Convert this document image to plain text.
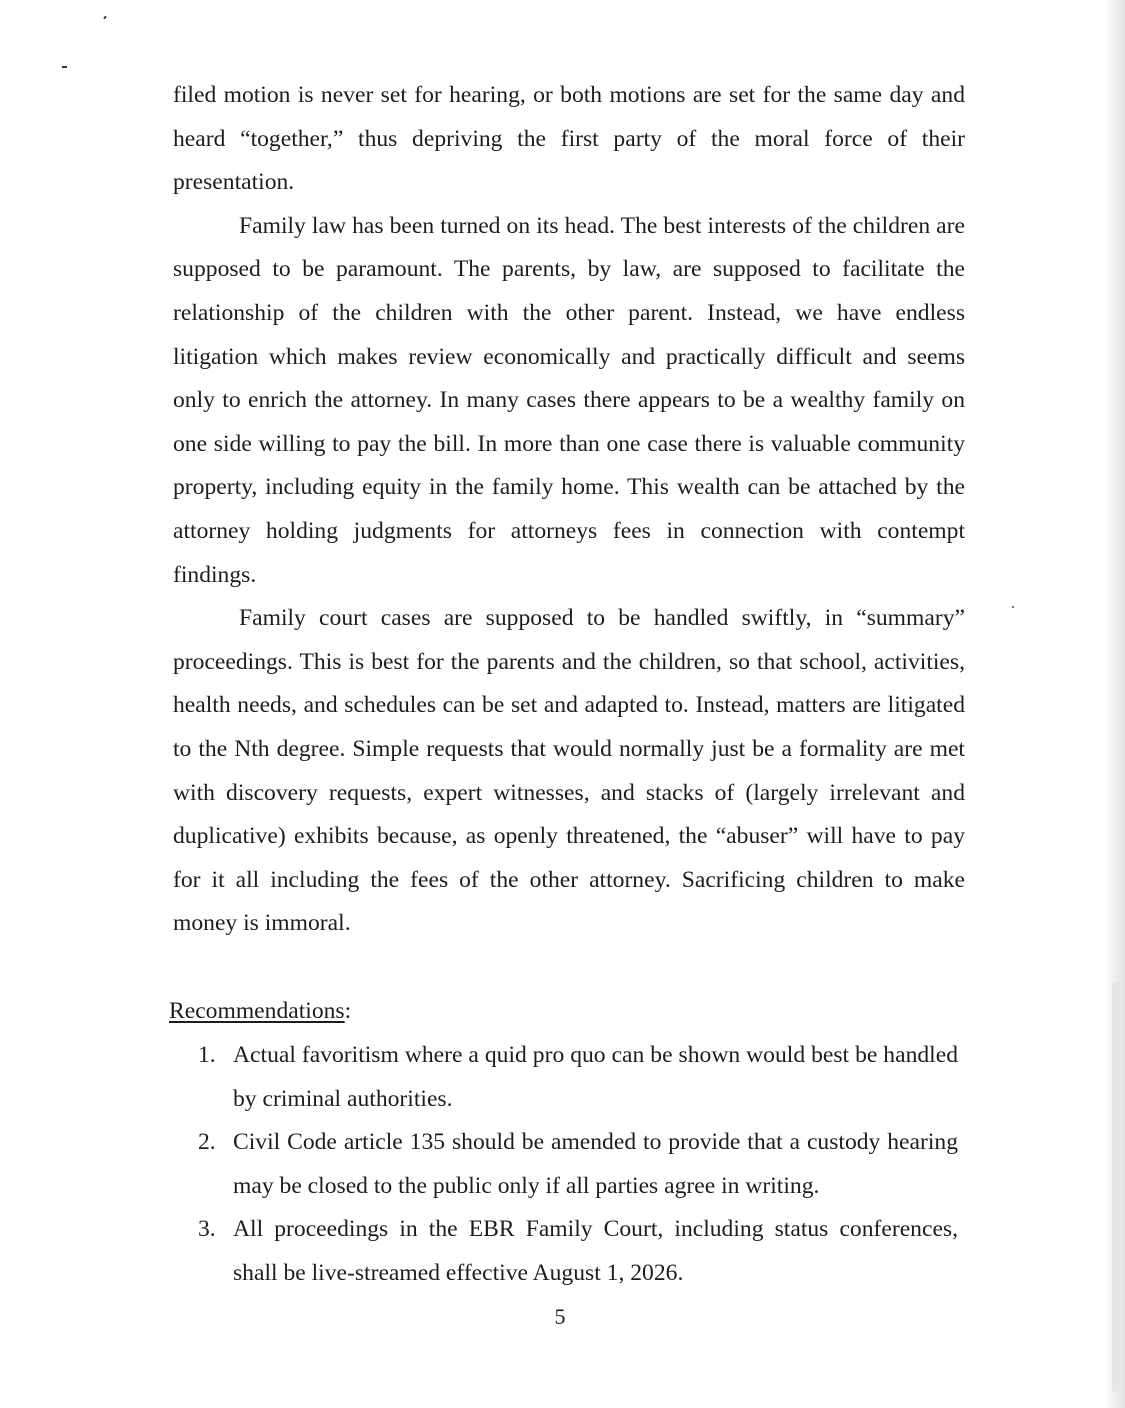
filed motion is never set for hearing, or both motions are set for the same day and heard “together,” thus depriving the first party of the moral force of their presentation.

Family law has been turned on its head. The best interests of the children are supposed to be paramount. The parents, by law, are supposed to facilitate the relationship of the children with the other parent. Instead, we have endless litigation which makes review economically and practically difficult and seems only to enrich the attorney. In many cases there appears to be a wealthy family on one side willing to pay the bill. In more than one case there is valuable community property, including equity in the family home. This wealth can be attached by the attorney holding judgments for attorneys fees in connection with contempt findings.

Family court cases are supposed to be handled swiftly, in “summary” proceedings. This is best for the parents and the children, so that school, activities, health needs, and schedules can be set and adapted to. Instead, matters are litigated to the Nth degree. Simple requests that would normally just be a formality are met with discovery requests, expert witnesses, and stacks of (largely irrelevant and duplicative) exhibits because, as openly threatened, the “abuser” will have to pay for it all including the fees of the other attorney. Sacrificing children to make money is immoral.

Recommendations:

1. Actual favoritism where a quid pro quo can be shown would best be handled by criminal authorities.
2. Civil Code article 135 should be amended to provide that a custody hearing may be closed to the public only if all parties agree in writing.
3. All proceedings in the EBR Family Court, including status conferences, shall be live-streamed effective August 1, 2026.
5
